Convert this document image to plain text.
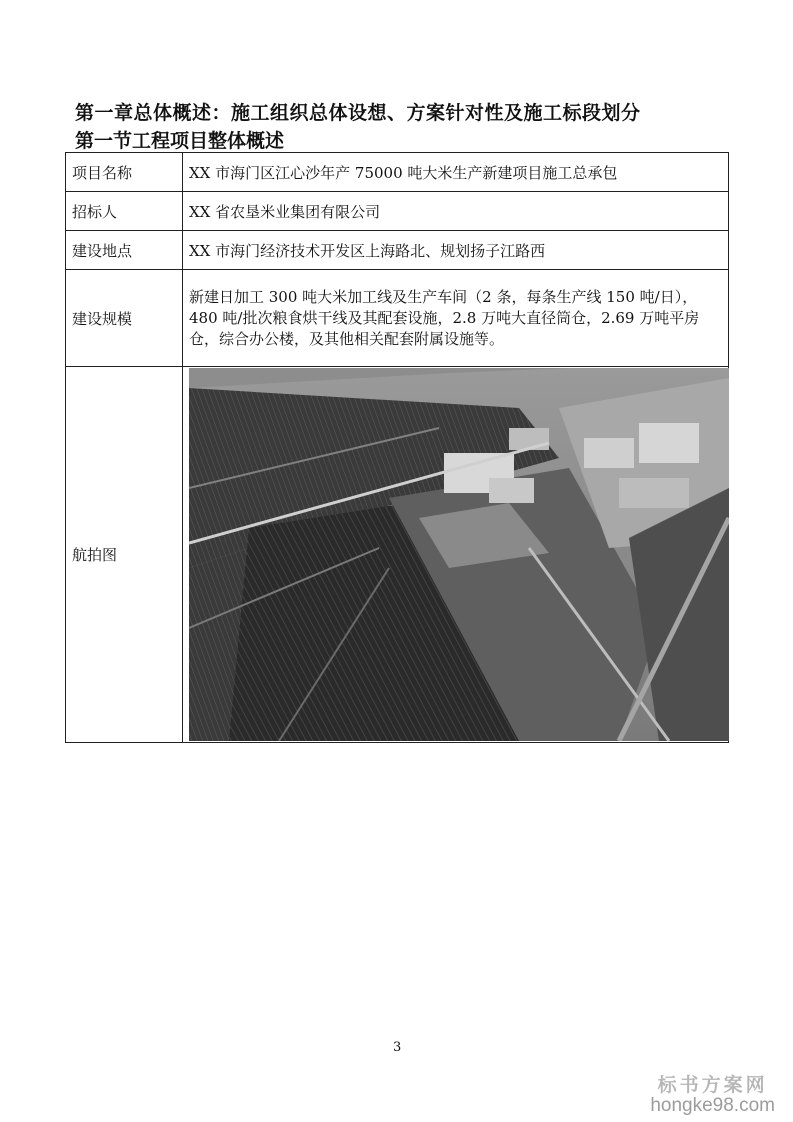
第一章总体概述：施工组织总体设想、方案针对性及施工标段划分
第一节工程项目整体概述
项目名称	XX 市海门区江心沙年产 75000 吨大米生产新建项目施工总承包
招标人	XX 省农垦米业集团有限公司
建设地点	XX 市海门经济技术开发区上海路北、规划扬子江路西
建设规模	新建日加工 300 吨大米加工线及生产车间（2 条，每条生产线 150 吨/日），480 吨/批次粮食烘干线及其配套设施，2.8 万吨大直径筒仓，2.69 万吨平房仓，综合办公楼，及其他相关配套附属设施等。
航拍图	
3
标书方案网
hongke98.com
